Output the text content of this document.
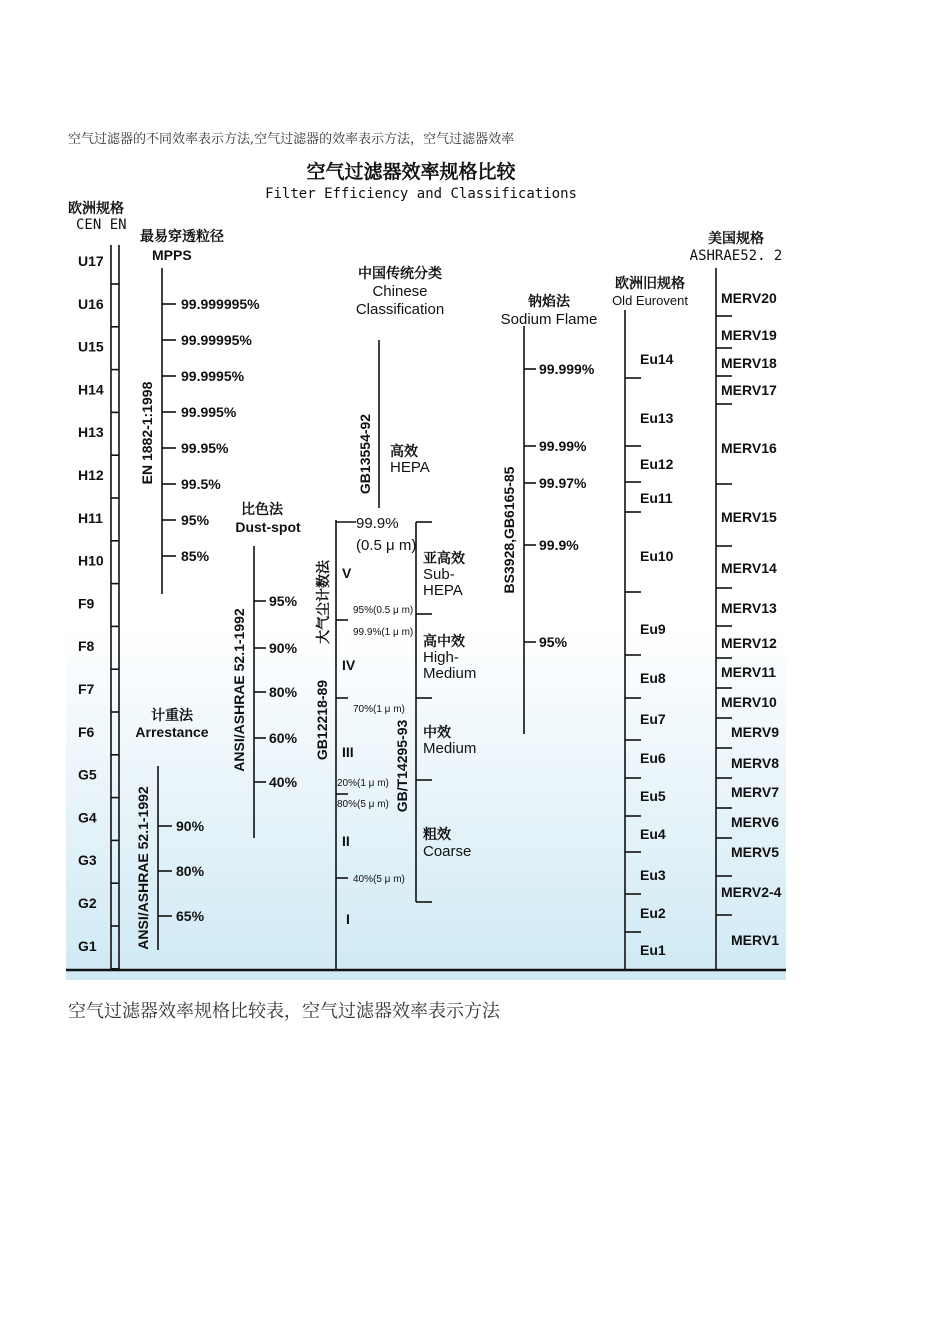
空气过滤器的不同效率表示方法,空气过滤器的效率表示方法，空气过滤器效率
空气过滤器效率规格比较
Filter Efficiency and Classifications
欧洲规格
CEN EN
最易穿透粒径
MPPS
中国传统分类
Chinese
Classification	钠焰法
Sodium Flame
欧洲旧规格
Old Eurovent
美国规格
ASHRAE52. 2
U17
U16
U15
H14
H13
H12
H11
H10
F9
F8
F7
F6
G5
G4
G3
G2
G1
EN 1882-1:1998
99.999995%
99.99995%
99.9995%
99.995%
99.95%
99.5%
95%
85%
比色法
Dust-spot
ANSI/ASHRAE 52.1-1992
95%
90%
80%
60%
40%
计重法
Arrestance
ANSI/ASHRAE 52.1-1992 90%
80%
65%
GB13554-92 高效
HEPA
99.9%
(0.5 μ m)
GB12218-89
大气尘计数法 V
IV
III
II
I
95%(0.5 μ m)
99.9%(1 μ m)
70%(1 μ m)
20%(1 μ m)
80%(5 μ m)
40%(5 μ m)
GB/T14295-93
亚高效
Sub-
HEPA
高中效
High-
Medium
中效
Medium
粗效
Coarse
BS3928,GB6165-85
99.999%
99.99%
99.97%
99.9%
95%
Eu14
Eu13
Eu12
Eu11
Eu10
Eu9
Eu8
Eu7
Eu6
Eu5
Eu4
Eu3
Eu2
Eu1
MERV20
MERV19
MERV18
MERV17
MERV16
MERV15
MERV14
MERV13
MERV12
MERV11
MERV10
MERV9
MERV8
MERV7
MERV6
MERV5
MERV2-4
MERV1
空气过滤器效率规格比较表，空气过滤器效率表示方法
